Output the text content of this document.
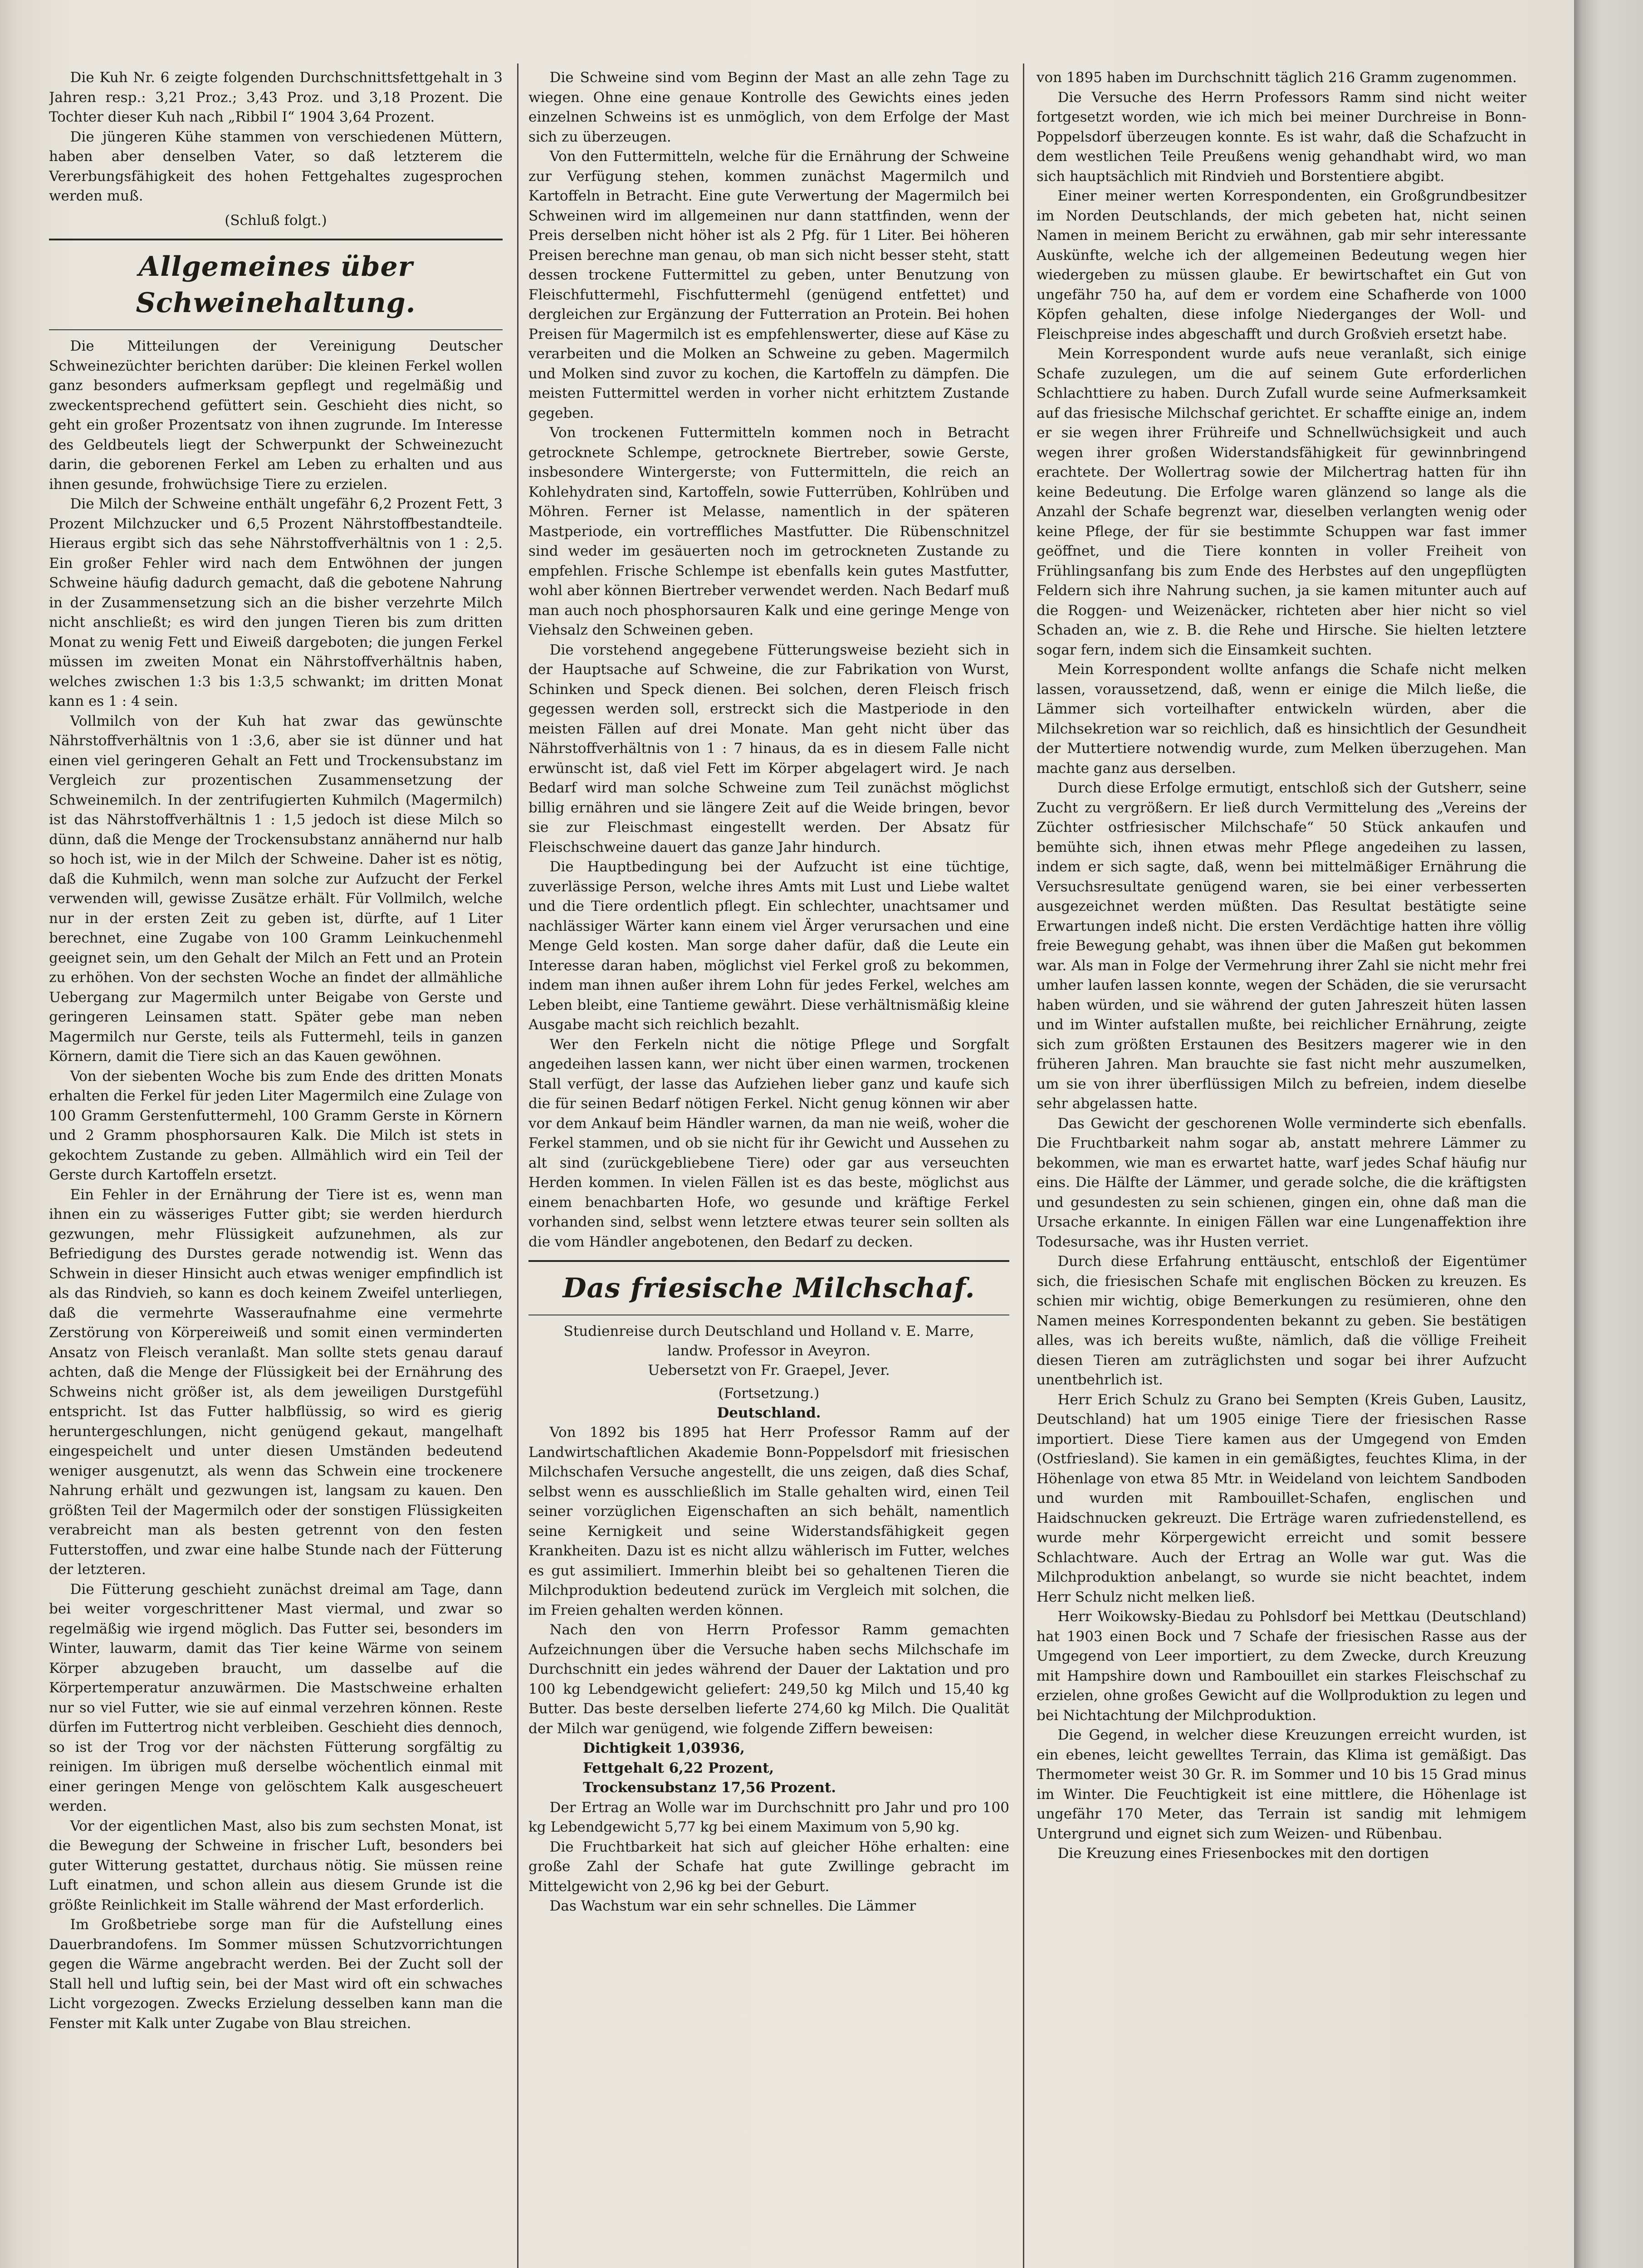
Die Kuh Nr. 6 zeigte folgenden Durchschnittsfettgehalt in 3 Jahren resp.: 3,21 Proz.; 3,43 Proz. und 3,18 Prozent. Die Tochter dieser Kuh nach „Ribbil I“ 1904 3,64 Prozent.

Die jüngeren Kühe stammen von verschiedenen Müttern, haben aber denselben Vater, so daß letzterem die Vererbungsfähigkeit des hohen Fettgehaltes zugesprochen werden muß.

(Schluß folgt.)

Allgemeines über Schweinehaltung.

Die Mitteilungen der Vereinigung Deutscher Schweinezüchter berichten darüber: Die kleinen Ferkel wollen ganz besonders aufmerksam gepflegt und regelmäßig und zweckentsprechend gefüttert sein. Geschieht dies nicht, so geht ein großer Prozentsatz von ihnen zugrunde. Im Interesse des Geldbeutels liegt der Schwerpunkt der Schweinezucht darin, die geborenen Ferkel am Leben zu erhalten und aus ihnen gesunde, frohwüchsige Tiere zu erzielen.

Die Milch der Schweine enthält ungefähr 6,2 Prozent Fett, 3 Prozent Milchzucker und 6,5 Prozent Nährstoffbestandteile. Hieraus ergibt sich das sehe Nährstoffverhältnis von 1 : 2,5. Ein großer Fehler wird nach dem Entwöhnen der jungen Schweine häufig dadurch gemacht, daß die gebotene Nahrung in der Zusammensetzung sich an die bisher verzehrte Milch nicht anschließt; es wird den jungen Tieren bis zum dritten Monat zu wenig Fett und Eiweiß dargeboten; die jungen Ferkel müssen im zweiten Monat ein Nährstoffverhältnis haben, welches zwischen 1:3 bis 1:3,5 schwankt; im dritten Monat kann es 1 : 4 sein.

Vollmilch von der Kuh hat zwar das gewünschte Nährstoffverhältnis von 1 :3,6, aber sie ist dünner und hat einen viel geringeren Gehalt an Fett und Trockensubstanz im Vergleich zur prozentischen Zusammensetzung der Schweinemilch. In der zentrifugierten Kuhmilch (Magermilch) ist das Nährstoffverhältnis 1 : 1,5 jedoch ist diese Milch so dünn, daß die Menge der Trockensubstanz annähernd nur halb so hoch ist, wie in der Milch der Schweine. Daher ist es nötig, daß die Kuhmilch, wenn man solche zur Aufzucht der Ferkel verwenden will, gewisse Zusätze erhält. Für Vollmilch, welche nur in der ersten Zeit zu geben ist, dürfte, auf 1 Liter berechnet, eine Zugabe von 100 Gramm Leinkuchenmehl geeignet sein, um den Gehalt der Milch an Fett und an Protein zu erhöhen. Von der sechsten Woche an findet der allmähliche Uebergang zur Magermilch unter Beigabe von Gerste und geringeren Leinsamen statt. Später gebe man neben Magermilch nur Gerste, teils als Futtermehl, teils in ganzen Körnern, damit die Tiere sich an das Kauen gewöhnen.

Von der siebenten Woche bis zum Ende des dritten Monats erhalten die Ferkel für jeden Liter Magermilch eine Zulage von 100 Gramm Gerstenfuttermehl, 100 Gramm Gerste in Körnern und 2 Gramm phosphorsauren Kalk. Die Milch ist stets in gekochtem Zustande zu geben. Allmählich wird ein Teil der Gerste durch Kartoffeln ersetzt.

Ein Fehler in der Ernährung der Tiere ist es, wenn man ihnen ein zu wässeriges Futter gibt; sie werden hierdurch gezwungen, mehr Flüssigkeit aufzunehmen, als zur Befriedigung des Durstes gerade notwendig ist. Wenn das Schwein in dieser Hinsicht auch etwas weniger empfindlich ist als das Rindvieh, so kann es doch keinem Zweifel unterliegen, daß die vermehrte Wasseraufnahme eine vermehrte Zerstörung von Körpereiweiß und somit einen verminderten Ansatz von Fleisch veranlaßt. Man sollte stets genau darauf achten, daß die Menge der Flüssigkeit bei der Ernährung des Schweins nicht größer ist, als dem jeweiligen Durstgefühl entspricht. Ist das Futter halbflüssig, so wird es gierig heruntergeschlungen, nicht genügend gekaut, mangelhaft eingespeichelt und unter diesen Umständen bedeutend weniger ausgenutzt, als wenn das Schwein eine trockenere Nahrung erhält und gezwungen ist, langsam zu kauen. Den größten Teil der Magermilch oder der sonstigen Flüssigkeiten verabreicht man als besten getrennt von den festen Futterstoffen, und zwar eine halbe Stunde nach der Fütterung der letzteren.

Die Fütterung geschieht zunächst dreimal am Tage, dann bei weiter vorgeschrittener Mast viermal, und zwar so regelmäßig wie irgend möglich. Das Futter sei, besonders im Winter, lauwarm, damit das Tier keine Wärme von seinem Körper abzugeben braucht, um dasselbe auf die Körpertemperatur anzuwärmen. Die Mastschweine erhalten nur so viel Futter, wie sie auf einmal verzehren können. Reste dürfen im Futtertrog nicht verbleiben. Geschieht dies dennoch, so ist der Trog vor der nächsten Fütterung sorgfältig zu reinigen. Im übrigen muß derselbe wöchentlich einmal mit einer geringen Menge von gelöschtem Kalk ausgescheuert werden.

Vor der eigentlichen Mast, also bis zum sechsten Monat, ist die Bewegung der Schweine in frischer Luft, besonders bei guter Witterung gestattet, durchaus nötig. Sie müssen reine Luft einatmen, und schon allein aus diesem Grunde ist die größte Reinlichkeit im Stalle während der Mast erforderlich.

Im Großbetriebe sorge man für die Aufstellung eines Dauerbrandofens. Im Sommer müssen Schutzvorrichtungen gegen die Wärme angebracht werden. Bei der Zucht soll der Stall hell und luftig sein, bei der Mast wird oft ein schwaches Licht vorgezogen. Zwecks Erzielung desselben kann man die Fenster mit Kalk unter Zugabe von Blau streichen.

Die Schweine sind vom Beginn der Mast an alle zehn Tage zu wiegen. Ohne eine genaue Kontrolle des Gewichts eines jeden einzelnen Schweins ist es unmöglich, von dem Erfolge der Mast sich zu überzeugen.

Von den Futtermitteln, welche für die Ernährung der Schweine zur Verfügung stehen, kommen zunächst Magermilch und Kartoffeln in Betracht. Eine gute Verwertung der Magermilch bei Schweinen wird im allgemeinen nur dann stattfinden, wenn der Preis derselben nicht höher ist als 2 Pfg. für 1 Liter. Bei höheren Preisen berechne man genau, ob man sich nicht besser steht, statt dessen trockene Futtermittel zu geben, unter Benutzung von Fleischfuttermehl, Fischfuttermehl (genügend entfettet) und dergleichen zur Ergänzung der Futterration an Protein. Bei hohen Preisen für Magermilch ist es empfehlenswerter, diese auf Käse zu verarbeiten und die Molken an Schweine zu geben. Magermilch und Molken sind zuvor zu kochen, die Kartoffeln zu dämpfen. Die meisten Futtermittel werden in vorher nicht erhitztem Zustande gegeben.

Von trockenen Futtermitteln kommen noch in Betracht getrocknete Schlempe, getrocknete Biertreber, sowie Gerste, insbesondere Wintergerste; von Futtermitteln, die reich an Kohlehydraten sind, Kartoffeln, sowie Futterrüben, Kohlrüben und Möhren. Ferner ist Melasse, namentlich in der späteren Mastperiode, ein vortreffliches Mastfutter. Die Rübenschnitzel sind weder im gesäuerten noch im getrockneten Zustande zu empfehlen. Frische Schlempe ist ebenfalls kein gutes Mastfutter, wohl aber können Biertreber verwendet werden. Nach Bedarf muß man auch noch phosphorsauren Kalk und eine geringe Menge von Viehsalz den Schweinen geben.

Die vorstehend angegebene Fütterungsweise bezieht sich in der Hauptsache auf Schweine, die zur Fabrikation von Wurst, Schinken und Speck dienen. Bei solchen, deren Fleisch frisch gegessen werden soll, erstreckt sich die Mastperiode in den meisten Fällen auf drei Monate. Man geht nicht über das Nährstoffverhältnis von 1 : 7 hinaus, da es in diesem Falle nicht erwünscht ist, daß viel Fett im Körper abgelagert wird. Je nach Bedarf wird man solche Schweine zum Teil zunächst möglichst billig ernähren und sie längere Zeit auf die Weide bringen, bevor sie zur Fleischmast eingestellt werden. Der Absatz für Fleischschweine dauert das ganze Jahr hindurch.

Die Hauptbedingung bei der Aufzucht ist eine tüchtige, zuverlässige Person, welche ihres Amts mit Lust und Liebe waltet und die Tiere ordentlich pflegt. Ein schlechter, unachtsamer und nachlässiger Wärter kann einem viel Ärger verursachen und eine Menge Geld kosten. Man sorge daher dafür, daß die Leute ein Interesse daran haben, möglichst viel Ferkel groß zu bekommen, indem man ihnen außer ihrem Lohn für jedes Ferkel, welches am Leben bleibt, eine Tantieme gewährt. Diese verhältnismäßig kleine Ausgabe macht sich reichlich bezahlt.

Wer den Ferkeln nicht die nötige Pflege und Sorgfalt angedeihen lassen kann, wer nicht über einen warmen, trockenen Stall verfügt, der lasse das Aufziehen lieber ganz und kaufe sich die für seinen Bedarf nötigen Ferkel. Nicht genug können wir aber vor dem Ankauf beim Händler warnen, da man nie weiß, woher die Ferkel stammen, und ob sie nicht für ihr Gewicht und Aussehen zu alt sind (zurückgebliebene Tiere) oder gar aus verseuchten Herden kommen. In vielen Fällen ist es das beste, möglichst aus einem benachbarten Hofe, wo gesunde und kräftige Ferkel vorhanden sind, selbst wenn letztere etwas teurer sein sollten als die vom Händler angebotenen, den Bedarf zu decken.

Das friesische Milchschaf.
Studienreise durch Deutschland und Holland v. E. Marre,
landw. Professor in Aveyron.
Uebersetzt von Fr. Graepel, Jever.
(Fortsetzung.)
Deutschland.

Von 1892 bis 1895 hat Herr Professor Ramm auf der Landwirtschaftlichen Akademie Bonn-Poppelsdorf mit friesischen Milchschafen Versuche angestellt, die uns zeigen, daß dies Schaf, selbst wenn es ausschließlich im Stalle gehalten wird, einen Teil seiner vorzüglichen Eigenschaften an sich behält, namentlich seine Kernigkeit und seine Widerstandsfähigkeit gegen Krankheiten. Dazu ist es nicht allzu wählerisch im Futter, welches es gut assimiliert. Immerhin bleibt bei so gehaltenen Tieren die Milchproduktion bedeutend zurück im Vergleich mit solchen, die im Freien gehalten werden können.

Nach den von Herrn Professor Ramm gemachten Aufzeichnungen über die Versuche haben sechs Milchschafe im Durchschnitt ein jedes während der Dauer der Laktation und pro 100 kg Lebendgewicht geliefert: 249,50 kg Milch und 15,40 kg Butter. Das beste derselben lieferte 274,60 kg Milch. Die Qualität der Milch war genügend, wie folgende Ziffern beweisen:

Dichtigkeit 1,03936,

Fettgehalt 6,22 Prozent,

Trockensubstanz 17,56 Prozent.

Der Ertrag an Wolle war im Durchschnitt pro Jahr und pro 100 kg Lebendgewicht 5,77 kg bei einem Maximum von 5,90 kg.

Die Fruchtbarkeit hat sich auf gleicher Höhe erhalten: eine große Zahl der Schafe hat gute Zwillinge gebracht im Mittelgewicht von 2,96 kg bei der Geburt.

Das Wachstum war ein sehr schnelles. Die Lämmer

von 1895 haben im Durchschnitt täglich 216 Gramm zugenommen.

Die Versuche des Herrn Professors Ramm sind nicht weiter fortgesetzt worden, wie ich mich bei meiner Durchreise in Bonn-Poppelsdorf überzeugen konnte. Es ist wahr, daß die Schafzucht in dem westlichen Teile Preußens wenig gehandhabt wird, wo man sich hauptsächlich mit Rindvieh und Borstentiere abgibt.

Einer meiner werten Korrespondenten, ein Großgrundbesitzer im Norden Deutschlands, der mich gebeten hat, nicht seinen Namen in meinem Bericht zu erwähnen, gab mir sehr interessante Auskünfte, welche ich der allgemeinen Bedeutung wegen hier wiedergeben zu müssen glaube. Er bewirtschaftet ein Gut von ungefähr 750 ha, auf dem er vordem eine Schafherde von 1000 Köpfen gehalten, diese infolge Niederganges der Woll- und Fleischpreise indes abgeschafft und durch Großvieh ersetzt habe.

Mein Korrespondent wurde aufs neue veranlaßt, sich einige Schafe zuzulegen, um die auf seinem Gute erforderlichen Schlachttiere zu haben. Durch Zufall wurde seine Aufmerksamkeit auf das friesische Milchschaf gerichtet. Er schaffte einige an, indem er sie wegen ihrer Frühreife und Schnellwüchsigkeit und auch wegen ihrer großen Widerstandsfähigkeit für gewinnbringend erachtete. Der Wollertrag sowie der Milchertrag hatten für ihn keine Bedeutung. Die Erfolge waren glänzend so lange als die Anzahl der Schafe begrenzt war, dieselben verlangten wenig oder keine Pflege, der für sie bestimmte Schuppen war fast immer geöffnet, und die Tiere konnten in voller Freiheit von Frühlingsanfang bis zum Ende des Herbstes auf den ungepflügten Feldern sich ihre Nahrung suchen, ja sie kamen mitunter auch auf die Roggen- und Weizenäcker, richteten aber hier nicht so viel Schaden an, wie z. B. die Rehe und Hirsche. Sie hielten letztere sogar fern, indem sich die Einsamkeit suchten.

Mein Korrespondent wollte anfangs die Schafe nicht melken lassen, voraussetzend, daß, wenn er einige die Milch ließe, die Lämmer sich vorteilhafter entwickeln würden, aber die Milchsekretion war so reichlich, daß es hinsichtlich der Gesundheit der Muttertiere notwendig wurde, zum Melken überzugehen. Man machte ganz aus derselben.

Durch diese Erfolge ermutigt, entschloß sich der Gutsherr, seine Zucht zu vergrößern. Er ließ durch Vermittelung des „Vereins der Züchter ostfriesischer Milchschafe“ 50 Stück ankaufen und bemühte sich, ihnen etwas mehr Pflege angedeihen zu lassen, indem er sich sagte, daß, wenn bei mittelmäßiger Ernährung die Versuchsresultate genügend waren, sie bei einer verbesserten ausgezeichnet werden müßten. Das Resultat bestätigte seine Erwartungen indeß nicht. Die ersten Verdächtige hatten ihre völlig freie Bewegung gehabt, was ihnen über die Maßen gut bekommen war. Als man in Folge der Vermehrung ihrer Zahl sie nicht mehr frei umher laufen lassen konnte, wegen der Schäden, die sie verursacht haben würden, und sie während der guten Jahreszeit hüten lassen und im Winter aufstallen mußte, bei reichlicher Ernährung, zeigte sich zum größten Erstaunen des Besitzers magerer wie in den früheren Jahren. Man brauchte sie fast nicht mehr auszumelken, um sie von ihrer überflüssigen Milch zu befreien, indem dieselbe sehr abgelassen hatte.

Das Gewicht der geschorenen Wolle verminderte sich ebenfalls. Die Fruchtbarkeit nahm sogar ab, anstatt mehrere Lämmer zu bekommen, wie man es erwartet hatte, warf jedes Schaf häufig nur eins. Die Hälfte der Lämmer, und gerade solche, die die kräftigsten und gesundesten zu sein schienen, gingen ein, ohne daß man die Ursache erkannte. In einigen Fällen war eine Lungenaffektion ihre Todesursache, was ihr Husten verriet.

Durch diese Erfahrung enttäuscht, entschloß der Eigentümer sich, die friesischen Schafe mit englischen Böcken zu kreuzen. Es schien mir wichtig, obige Bemerkungen zu resümieren, ohne den Namen meines Korrespondenten bekannt zu geben. Sie bestätigen alles, was ich bereits wußte, nämlich, daß die völlige Freiheit diesen Tieren am zuträglichsten und sogar bei ihrer Aufzucht unentbehrlich ist.

Herr Erich Schulz zu Grano bei Sempten (Kreis Guben, Lausitz, Deutschland) hat um 1905 einige Tiere der friesischen Rasse importiert. Diese Tiere kamen aus der Umgegend von Emden (Ostfriesland). Sie kamen in ein gemäßigtes, feuchtes Klima, in der Höhenlage von etwa 85 Mtr. in Weideland von leichtem Sandboden und wurden mit Rambouillet-Schafen, englischen und Haidschnucken gekreuzt. Die Erträge waren zufriedenstellend, es wurde mehr Körpergewicht erreicht und somit bessere Schlachtware. Auch der Ertrag an Wolle war gut. Was die Milchproduktion anbelangt, so wurde sie nicht beachtet, indem Herr Schulz nicht melken ließ.

Herr Woikowsky-Biedau zu Pohlsdorf bei Mettkau (Deutschland) hat 1903 einen Bock und 7 Schafe der friesischen Rasse aus der Umgegend von Leer importiert, zu dem Zwecke, durch Kreuzung mit Hampshire down und Rambouillet ein starkes Fleischschaf zu erzielen, ohne großes Gewicht auf die Wollproduktion zu legen und bei Nichtachtung der Milchproduktion.

Die Gegend, in welcher diese Kreuzungen erreicht wurden, ist ein ebenes, leicht gewelltes Terrain, das Klima ist gemäßigt. Das Thermometer weist 30 Gr. R. im Sommer und 10 bis 15 Grad minus im Winter. Die Feuchtigkeit ist eine mittlere, die Höhenlage ist ungefähr 170 Meter, das Terrain ist sandig mit lehmigem Untergrund und eignet sich zum Weizen- und Rübenbau.

Die Kreuzung eines Friesenbockes mit den dortigen
